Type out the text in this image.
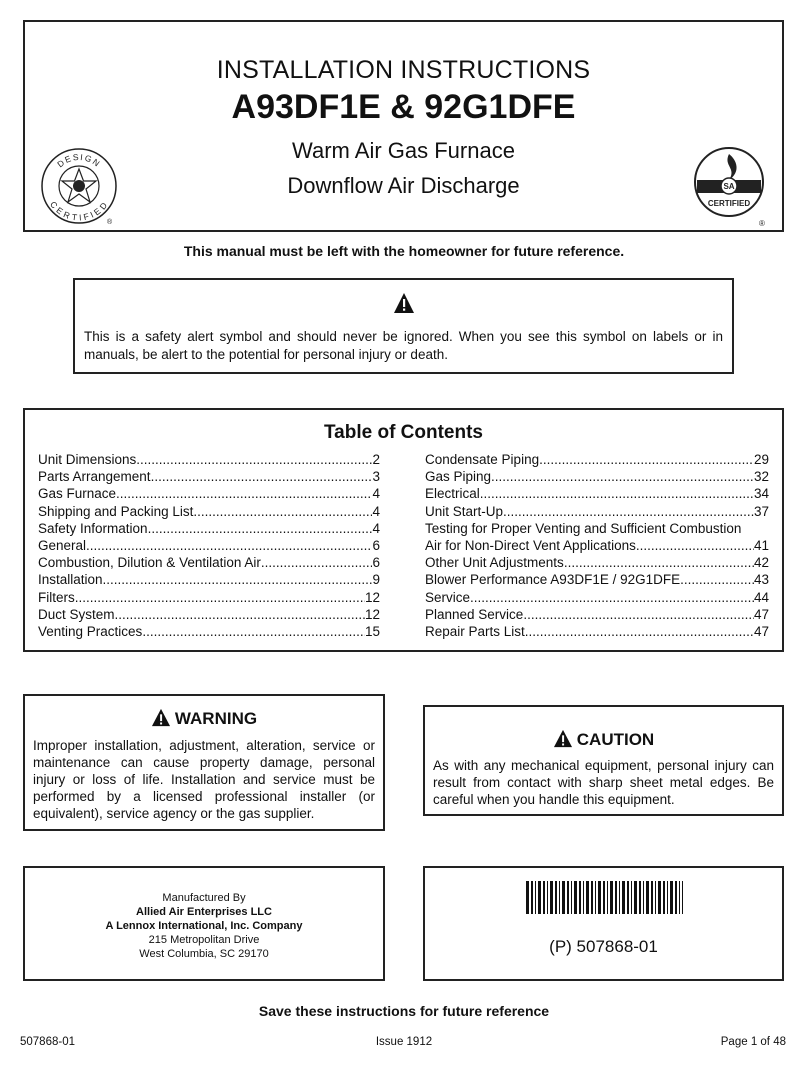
INSTALLATION INSTRUCTIONS
A93DF1E & 92G1DFE
Warm Air Gas Furnace
Downflow Air Discharge
DESIGN
CERTIFIED
®
SA
CERTIFIED
®
This manual must be left with the homeowner for future reference.
This is a safety alert symbol and should never be ignored. When you see this symbol on labels or in manuals, be alert to the potential for personal injury or death.
Table of Contents
Unit Dimensions .....	2
Parts Arrangement .....	3
Gas Furnace .....	4
Shipping and Packing List .....	4
Safety Information .....	4
General .....	6
Combustion, Dilution & Ventilation Air .....	6
Installation .....	9
Filters .....	12
Duct System .....	12
Venting Practices .....	15
Condensate Piping .....	29
Gas Piping .....	32
Electrical .....	34
Unit Start-Up .....	37
Testing for Proper Venting and Sufficient Combustion
Air for Non-Direct Vent Applications .....	41
Other Unit Adjustments .....	42
Blower Performance A93DF1E / 92G1DFE .....	43
Service .....	44
Planned Service .....	47
Repair Parts List .....	47
WARNING
Improper installation, adjustment, alteration, service or maintenance can cause property damage, personal injury or loss of life. Installation and service must be performed by a licensed professional installer (or equivalent), service agency or the gas supplier.
CAUTION
As with any mechanical equipment, personal injury can result from contact with sharp sheet metal edges. Be careful when you handle this equipment.
Manufactured By
Allied Air Enterprises LLC
A Lennox International, Inc. Company
215 Metropolitan Drive
West Columbia, SC 29170	(P) 507868-01
Save these instructions for future reference
507868-01	Issue 1912	Page 1 of 48
